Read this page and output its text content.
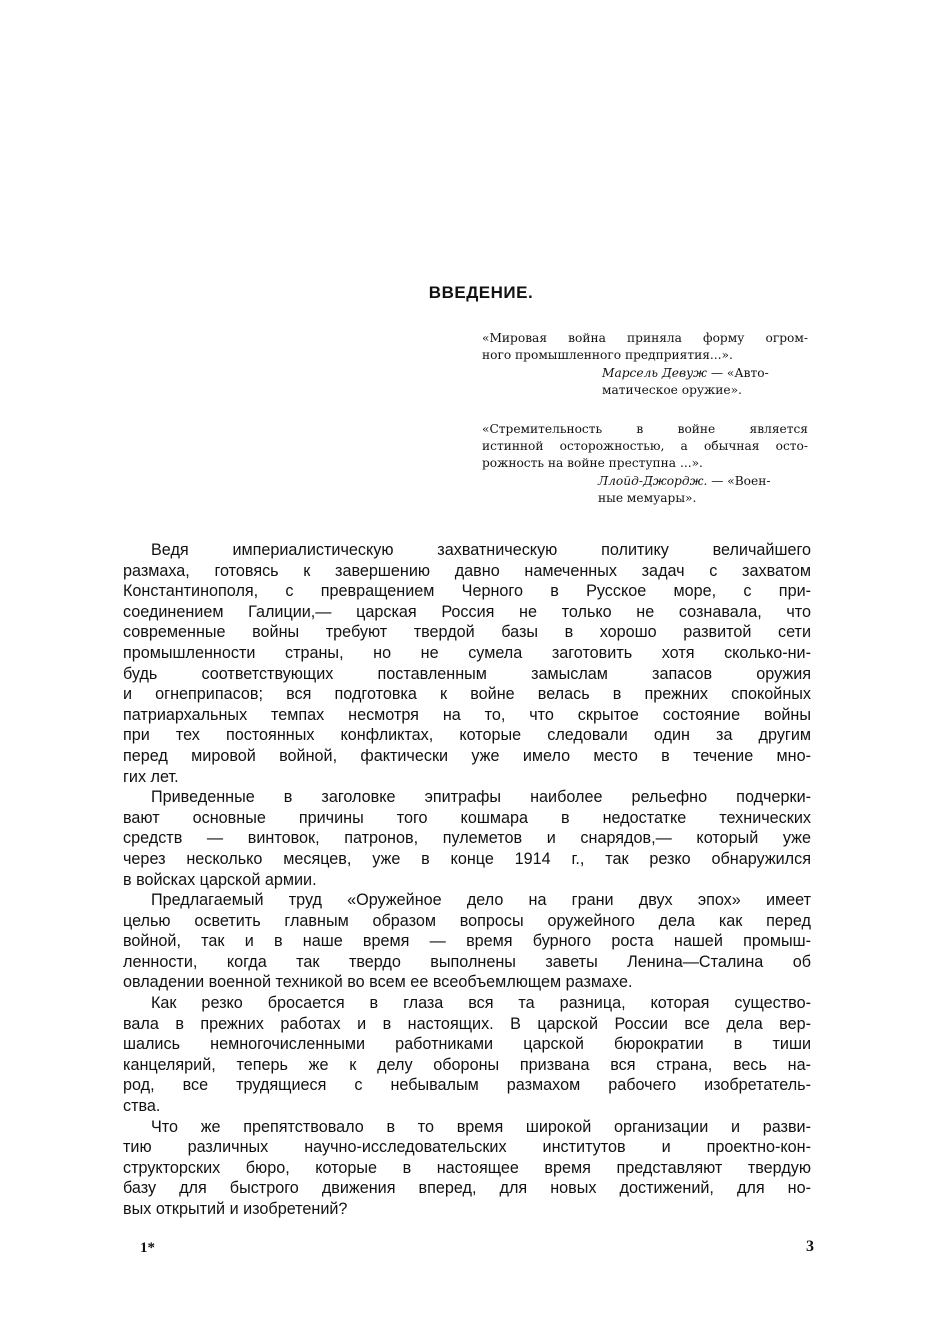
ВВЕДЕНИЕ.
«Мировая война приняла форму огром-
ного промышленного предприятия...».
Марсель Девуж — «Авто-
матическое оружие».
«Стремительность в войне является
истинной осторожностью, а обычная осто-
рожность на войне преступна ...».
Ллойд-Джордж. — «Воен-
ные мемуары».
Ведя империалистическую захватническую политику величайшего
размаха, готовясь к завершению давно намеченных задач с захватом
Константинополя, с превращением Черного в Русское море, с при-
соединением Галиции,— царская Россия не только не сознавала, что
современные войны требуют твердой базы в хорошо развитой сети
промышленности страны, но не сумела заготовить хотя сколько-ни-
будь соответствующих поставленным замыслам запасов оружия
и огнеприпасов; вся подготовка к войне велась в прежних спокойных
патриархальных темпах несмотря на то, что скрытое состояние войны
при тех постоянных конфликтах, которые следовали один за другим
перед мировой войной, фактически уже имело место в течение мно-
гих лет.
Приведенные в заголовке эпитрафы наиболее рельефно подчерки-
вают основные причины того кошмара в недостатке технических
средств — винтовок, патронов, пулеметов и снарядов,— который уже
через несколько месяцев, уже в конце 1914 г., так резко обнаружился
в войсках царской армии.
Предлагаемый труд «Оружейное дело на грани двух эпох» имеет
целью осветить главным образом вопросы оружейного дела как перед
войной, так и в наше время — время бурного роста нашей промыш-
ленности, когда так твердо выполнены заветы Ленина—Сталина об
овладении военной техникой во всем ее всеобъемлющем размахе.
Как резко бросается в глаза вся та разница, которая существо-
вала в прежних работах и в настоящих. В царской России все дела вер-
шались немногочисленными работниками царской бюрократии в тиши
канцелярий, теперь же к делу обороны призвана вся страна, весь на-
род, все трудящиеся с небывалым размахом рабочего изобретатель-
ства.
Что же препятствовало в то время широкой организации и разви-
тию различных научно-исследовательских институтов и проектно-кон-
структорских бюро, которые в настоящее время представляют твердую
базу для быстрого движения вперед, для новых достижений, для но-
вых открытий и изобретений?
1*	3
